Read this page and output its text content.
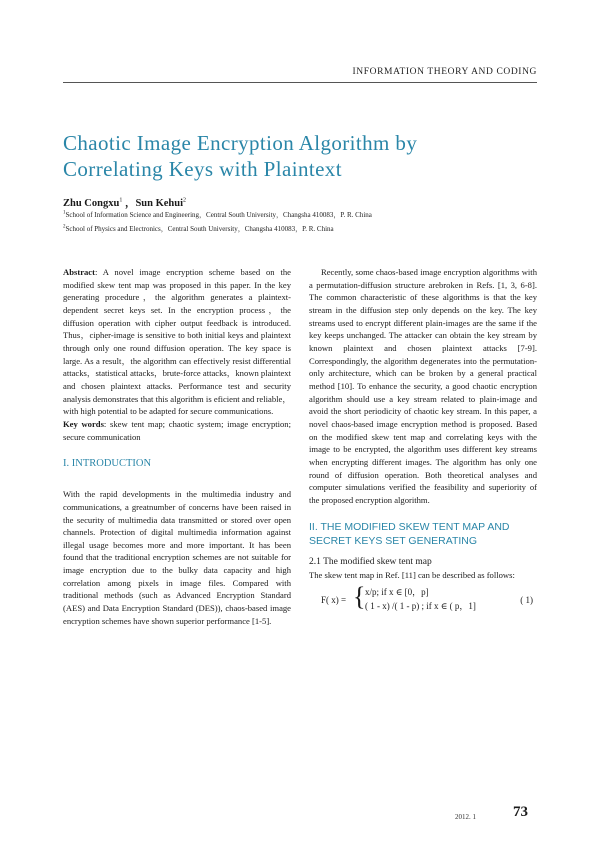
INFORMATION THEORY AND CODING
Chaotic Image Encryption Algorithm by
Correlating Keys with Plaintext
Zhu Congxu$^1$ ，Sun Kehui$^2$
$^1$School of Information Science and Engineering，Central South University，Changsha 410083，P. R. China
$^2$School of Physics and Electronics，Central South University，Changsha 410083，P. R. China

Abstract: A novel image encryption scheme based on the modified skew tent map was proposed in this paper. In the key generating procedure，the algorithm generates a plaintext-dependent secret keys set. In the encryption process，the diffusion operation with cipher output feedback is introduced. Thus，cipher-image is sensitive to both initial keys and plaintext through only one round diffusion operation. The key space is large. As a result，the algorithm can effectively resist differential attacks，statistical attacks，brute-force attacks，known plaintext and chosen plaintext attacks. Performance test and security analysis demonstrates that this algorithm is eficient and reliable，with high potential to be adapted for secure communications.

Key words: skew tent map; chaotic system; image encryption; secure communication

I. INTRODUCTION

With the rapid developments in the multimedia industry and communications, a greatnumber of concerns have been raised in the security of multimedia data transmitted or stored over open channels. Protection of digital multimedia information against illegal usage becomes more and more important. It has been found that the traditional encryption schemes are not suitable for image encryption due to the bulky data capacity and high correlation among pixels in image files. Compared with traditional methods (such as Advanced Encryption Standard (AES) and Data Encryption Standard (DES)), chaos-based image encryption schemes have shown superior performance [1-5].

Recently, some chaos-based image encryption algorithms with a permutation-diffusion structure arebroken in Refs. [1, 3, 6-8]. The common characteristic of these algorithms is that the key stream in the diffusion step only depends on the key. The key streams used to encrypt different plain-images are the same if the key keeps unchanged. The attacker can obtain the key stream by known plaintext and chosen plaintext attacks [7-9]. Correspondingly, the algorithm degenerates into the permutation-only architecture, which can be broken by a general practical method [10]. To enhance the security, a good chaotic encryption algorithm should use a key stream related to plain-image and avoid the short periodicity of chaotic key stream. In this paper, a novel chaos-based image encryption method is proposed. Based on the modified skew tent map and correlating keys with the image to be encrypted, the algorithm uses different key streams when encrypting different images. The algorithm has only one round of diffusion operation. Both theoretical analyses and computer simulations verified the feasibility and superiority of the proposed encryption algorithm.

II. THE MODIFIED SKEW TENT MAP AND
SECRET KEYS SET GENERATING

2.1 The modified skew tent map

The skew tent map in Ref. [11] can be described as follows:

F( x) = { x/p; if x ∈ [0，p]
( 1 - x) /( 1 - p) ; if x ∈ ( p，1]
( 1)
2012. 1 73
